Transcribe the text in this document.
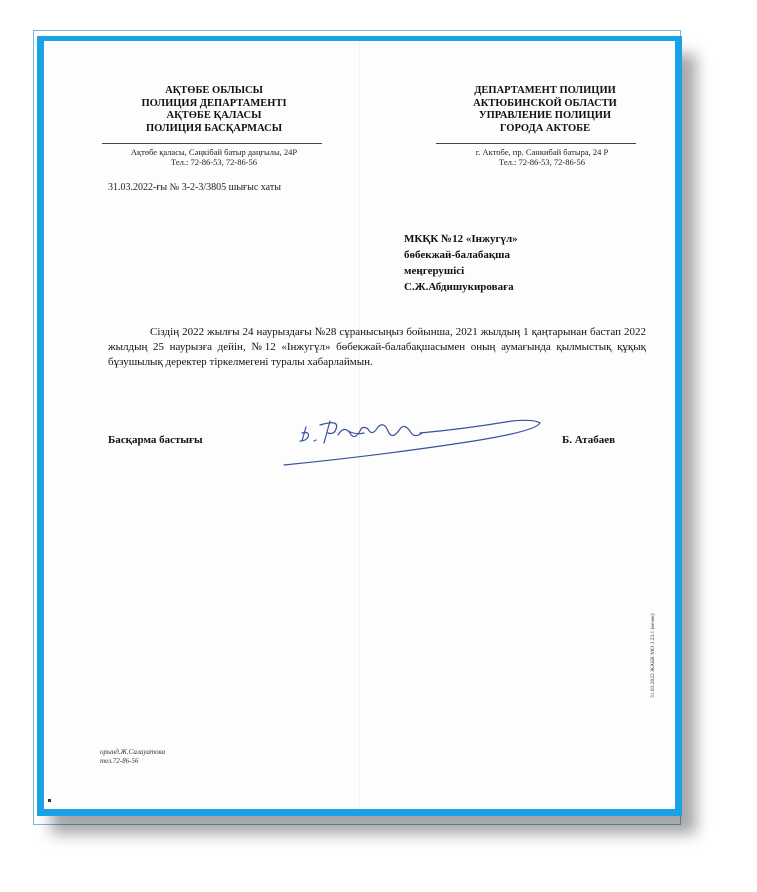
АҚТӨБЕ ОБЛЫСЫ
ПОЛИЦИЯ ДЕПАРТАМЕНТІ
АҚТӨБЕ ҚАЛАСЫ
ПОЛИЦИЯ БАСҚАРМАСЫ
Ақтөбе қаласы, Сәңкібай батыр даңғылы, 24Р
Тел.: 72-86-53, 72-86-56
ДЕПАРТАМЕНТ ПОЛИЦИИ
АКТЮБИНСКОЙ ОБЛАСТИ
УПРАВЛЕНИЕ ПОЛИЦИИ
ГОРОДА АКТОБЕ
г. Актобе, пр. Санкибай батыра, 24 Р
Тел.: 72-86-53, 72-86-56
31.03.2022-ғы № 3-2-3/3805 шығыс хаты
МКҚК №12 «Інжугүл»
бөбекжай-балабақша
меңгерушісі
С.Ж.Абдишукироваға
Сіздің 2022 жылғы 24 наурыздағы №28 сұранысыңыз бойынша, 2021 жылдың 1 қаңтарынан бастап 2022 жылдың 25 наурызға дейін, №12 «Інжугүл» бөбекжай-балабақшасымен оның аумағында қылмыстық құқық бұзушылық деректер тіркелмегені туралы хабарлаймын.
Басқарма бастығы	Б. Атабаев
31.03.2022 ЖАБК МО 3.23.1 (кезек)
орынд.Ж.Салауатова
тел.72-86-56
